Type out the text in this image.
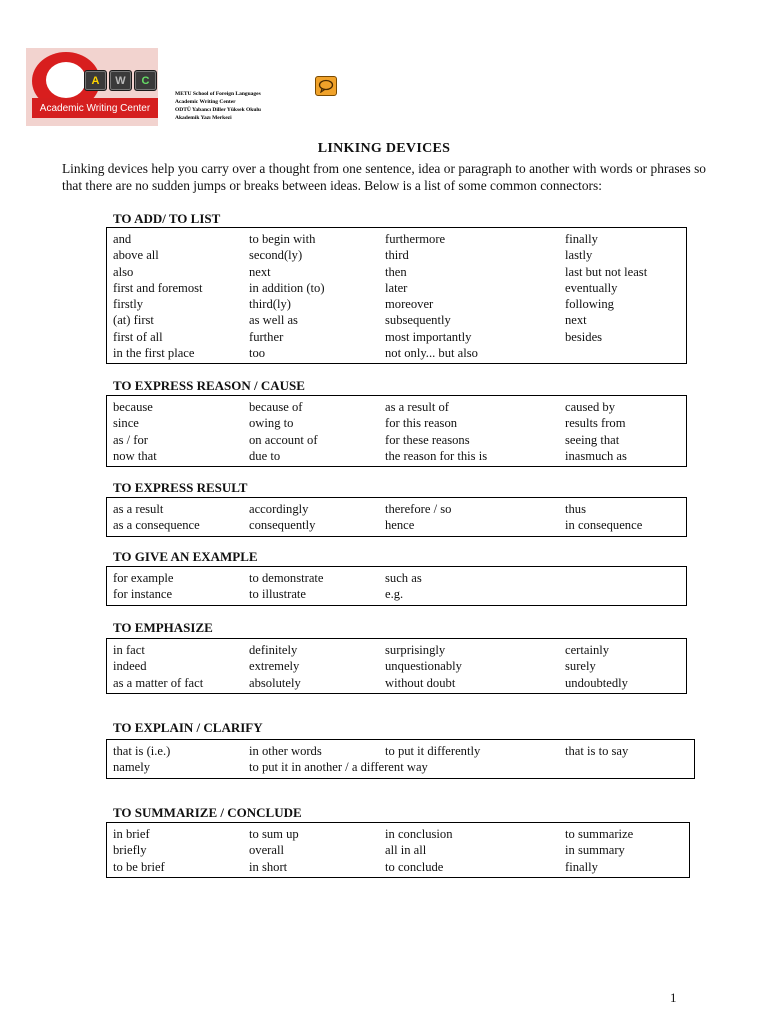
A	W	C
Academic Writing Center
METU School of Foreign Languages
Academic Writing Center
ODTÜ Yabancı Diller Yüksek Okulu
Akademik Yazı Merkezi
LINKING DEVICES
Linking devices help you carry over a thought from one sentence, idea or paragraph to another with words or phrases so that there are no sudden jumps or breaks between ideas. Below is a list of some common connectors:
TO ADD/ TO LIST
and	to begin with	furthermore	finally
above all	second(ly)	third	lastly
also	next	then	last but not least
first and foremost	in addition (to)	later	eventually
firstly	third(ly)	moreover	following
(at) first	as well as	subsequently	next
first of all	further	most importantly	besides
in the first place	too	not only... but also
TO EXPRESS REASON / CAUSE
because	because of	as a result of	caused by
since	owing to	for this reason	results from
as / for	on account of	for these reasons	seeing that
now that	due to	the reason for this is	inasmuch as
TO EXPRESS RESULT
as a result	accordingly	therefore / so	thus
as a consequence	consequently	hence	in consequence
TO GIVE AN EXAMPLE
for example	to demonstrate	such as
for instance	to illustrate	e.g.
TO EMPHASIZE
in fact	definitely	surprisingly	certainly
indeed	extremely	unquestionably	surely
as a matter of fact	absolutely	without doubt	undoubtedly
TO EXPLAIN / CLARIFY
that is (i.e.)	in other words	to put it differently	that is to say
namely	to put it in another / a different way
TO SUMMARIZE / CONCLUDE
in brief	to sum up	in conclusion	to summarize
briefly	overall	all in all	in summary
to be brief	in short	to conclude	finally
1
